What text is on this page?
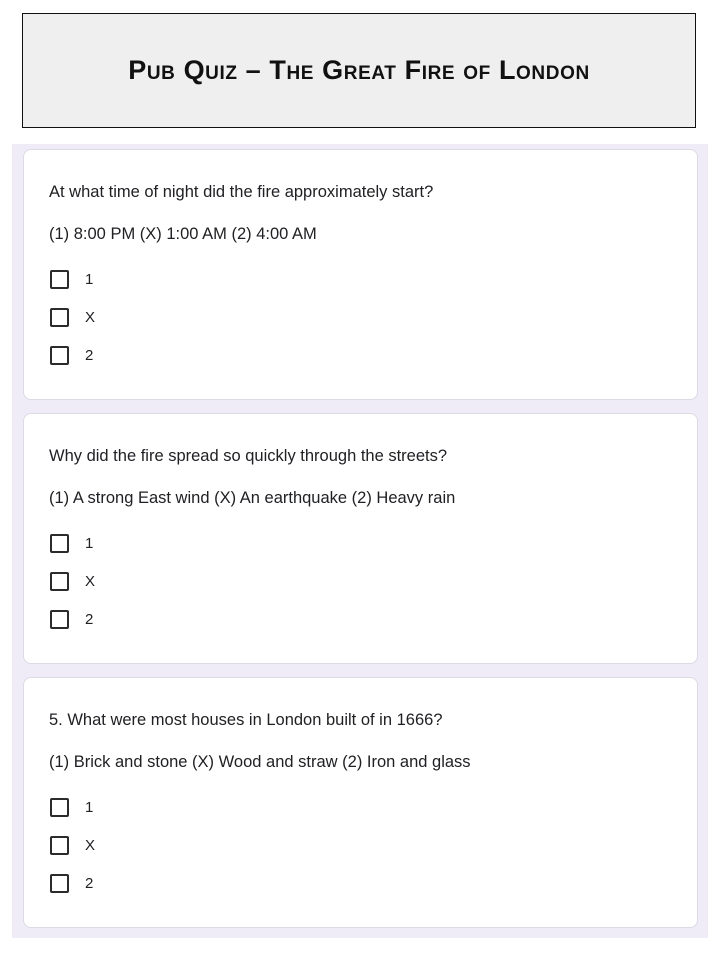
Pub Quiz – The Great Fire of London
At what time of night did the fire approximately start?
(1) 8:00 PM (X) 1:00 AM (2) 4:00 AM
1
X
2
Why did the fire spread so quickly through the streets?
(1) A strong East wind (X) An earthquake (2) Heavy rain
1
X
2
5. What were most houses in London built of in 1666?
(1) Brick and stone (X) Wood and straw (2) Iron and glass
1
X
2
